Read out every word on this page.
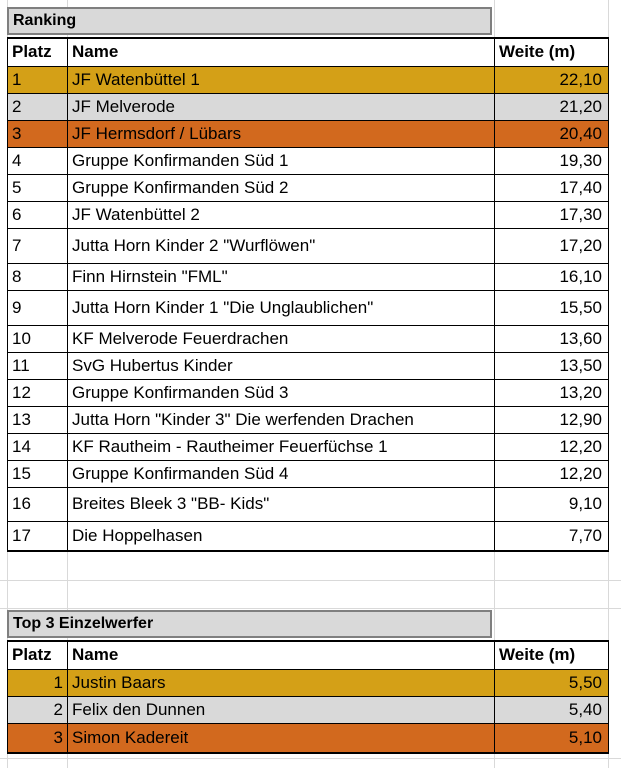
Ranking
Platz	Name	Weite (m)
1	JF Watenbüttel 1	22,10
2	JF Melverode	21,20
3	JF Hermsdorf / Lübars	20,40
4	Gruppe Konfirmanden Süd 1	19,30
5	Gruppe Konfirmanden Süd 2	17,40
6	JF Watenbüttel 2	17,30
7	Jutta Horn Kinder 2 "Wurflöwen"	17,20
8	Finn Hirnstein "FML"	16,10
9	Jutta Horn Kinder 1 "Die Unglaublichen"	15,50
10	KF Melverode Feuerdrachen	13,60
11	SvG Hubertus Kinder	13,50
12	Gruppe Konfirmanden Süd 3	13,20
13	Jutta Horn "Kinder 3" Die werfenden Drachen	12,90
14	KF Rautheim - Rautheimer Feuerfüchse 1	12,20
15	Gruppe Konfirmanden Süd 4	12,20
16	Breites Bleek 3 "BB- Kids"	9,10
17	Die Hoppelhasen	7,70
Top 3 Einzelwerfer
Platz	Name	Weite (m)
1	Justin Baars	5,50
2	Felix den Dunnen	5,40
3	Simon Kadereit	5,10
